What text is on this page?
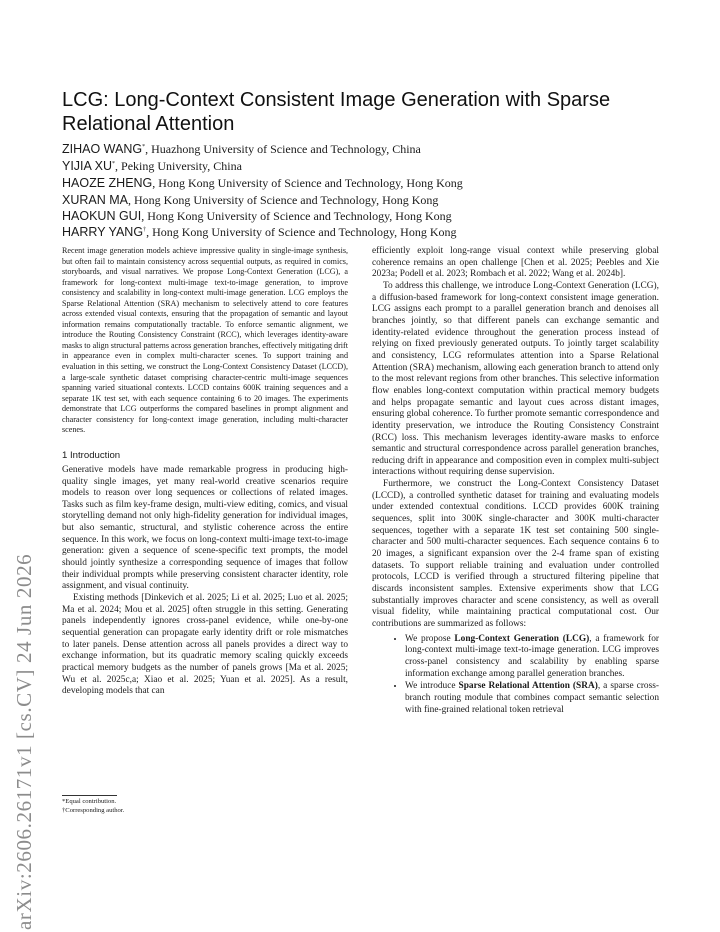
arXiv:2606.26171v1 [cs.CV] 24 Jun 2026
LCG: Long-Context Consistent Image Generation with Sparse Relational Attention
ZIHAO WANG*, Huazhong University of Science and Technology, China
YIJIA XU*, Peking University, China
HAOZE ZHENG, Hong Kong University of Science and Technology, Hong Kong
XURAN MA, Hong Kong University of Science and Technology, Hong Kong
HAOKUN GUI, Hong Kong University of Science and Technology, Hong Kong
HARRY YANG†, Hong Kong University of Science and Technology, Hong Kong

Recent image generation models achieve impressive quality in single-image synthesis, but often fail to maintain consistency across sequential outputs, as required in comics, storyboards, and visual narratives. We propose Long-Context Generation (LCG), a framework for long-context multi-image text-to-image generation, to improve consistency and scalability in long-context multi-image generation. LCG employs the Sparse Relational Attention (SRA) mechanism to selectively attend to core features across extended visual contexts, ensuring that the propagation of semantic and layout information remains computationally tractable. To enforce semantic alignment, we introduce the Routing Consistency Constraint (RCC), which leverages identity-aware masks to align structural patterns across generation branches, effectively mitigating drift in appearance even in complex multi-character scenes. To support training and evaluation in this setting, we construct the Long-Context Consistency Dataset (LCCD), a large-scale synthetic dataset comprising character-centric multi-image sequences spanning varied situational contexts. LCCD contains 600K training sequences and a separate 1K test set, with each sequence containing 6 to 20 images. The experiments demonstrate that LCG outperforms the compared baselines in prompt alignment and character consistency for long-context image generation, including multi-character scenes.

1 Introduction

Generative models have made remarkable progress in producing high-quality single images, yet many real-world creative scenarios require models to reason over long sequences or collections of related images. Tasks such as film key-frame design, multi-view editing, comics, and visual storytelling demand not only high-fidelity generation for individual images, but also semantic, structural, and stylistic coherence across the entire sequence. In this work, we focus on long-context multi-image text-to-image generation: given a sequence of scene-specific text prompts, the model should jointly synthesize a corresponding sequence of images that follow their individual prompts while preserving consistent character identity, role assignment, and visual continuity.

Existing methods [Dinkevich et al. 2025; Li et al. 2025; Luo et al. 2025; Ma et al. 2024; Mou et al. 2025] often struggle in this setting. Generating panels independently ignores cross-panel evidence, while one-by-one sequential generation can propagate early identity drift or role mismatches to later panels. Dense attention across all panels provides a direct way to exchange information, but its quadratic memory scaling quickly exceeds practical memory budgets as the number of panels grows [Ma et al. 2025; Wu et al. 2025c,a; Xiao et al. 2025; Yuan et al. 2025]. As a result, developing models that can

efficiently exploit long-range visual context while preserving global coherence remains an open challenge [Chen et al. 2025; Peebles and Xie 2023a; Podell et al. 2023; Rombach et al. 2022; Wang et al. 2024b].

To address this challenge, we introduce Long-Context Generation (LCG), a diffusion-based framework for long-context consistent image generation. LCG assigns each prompt to a parallel generation branch and denoises all branches jointly, so that different panels can exchange semantic and identity-related evidence throughout the generation process instead of relying on fixed previously generated outputs. To jointly target scalability and consistency, LCG reformulates attention into a Sparse Relational Attention (SRA) mechanism, allowing each generation branch to attend only to the most relevant regions from other branches. This selective information flow enables long-context computation within practical memory budgets and helps propagate semantic and layout cues across distant images, ensuring global coherence. To further promote semantic correspondence and identity preservation, we introduce the Routing Consistency Constraint (RCC) loss. This mechanism leverages identity-aware masks to enforce semantic and structural correspondence across parallel generation branches, reducing drift in appearance and composition even in complex multi-subject interactions without requiring dense supervision.

Furthermore, we construct the Long-Context Consistency Dataset (LCCD), a controlled synthetic dataset for training and evaluating models under extended contextual conditions. LCCD provides 600K training sequences, split into 300K single-character and 300K multi-character sequences, together with a separate 1K test set containing 500 single-character and 500 multi-character sequences. Each sequence contains 6 to 20 images, a significant expansion over the 2-4 frame span of existing datasets. To support reliable training and evaluation under controlled protocols, LCCD is verified through a structured filtering pipeline that discards inconsistent samples. Extensive experiments show that LCG substantially improves character and scene consistency, as well as overall visual fidelity, while maintaining practical computational cost. Our contributions are summarized as follows:

• We propose Long-Context Generation (LCG), a framework for long-context multi-image text-to-image generation. LCG improves cross-panel consistency and scalability by enabling sparse information exchange among parallel generation branches.
• We introduce Sparse Relational Attention (SRA), a sparse cross-branch routing module that combines compact semantic selection with fine-grained relational token retrieval
*Equal contribution.
†Corresponding author.
